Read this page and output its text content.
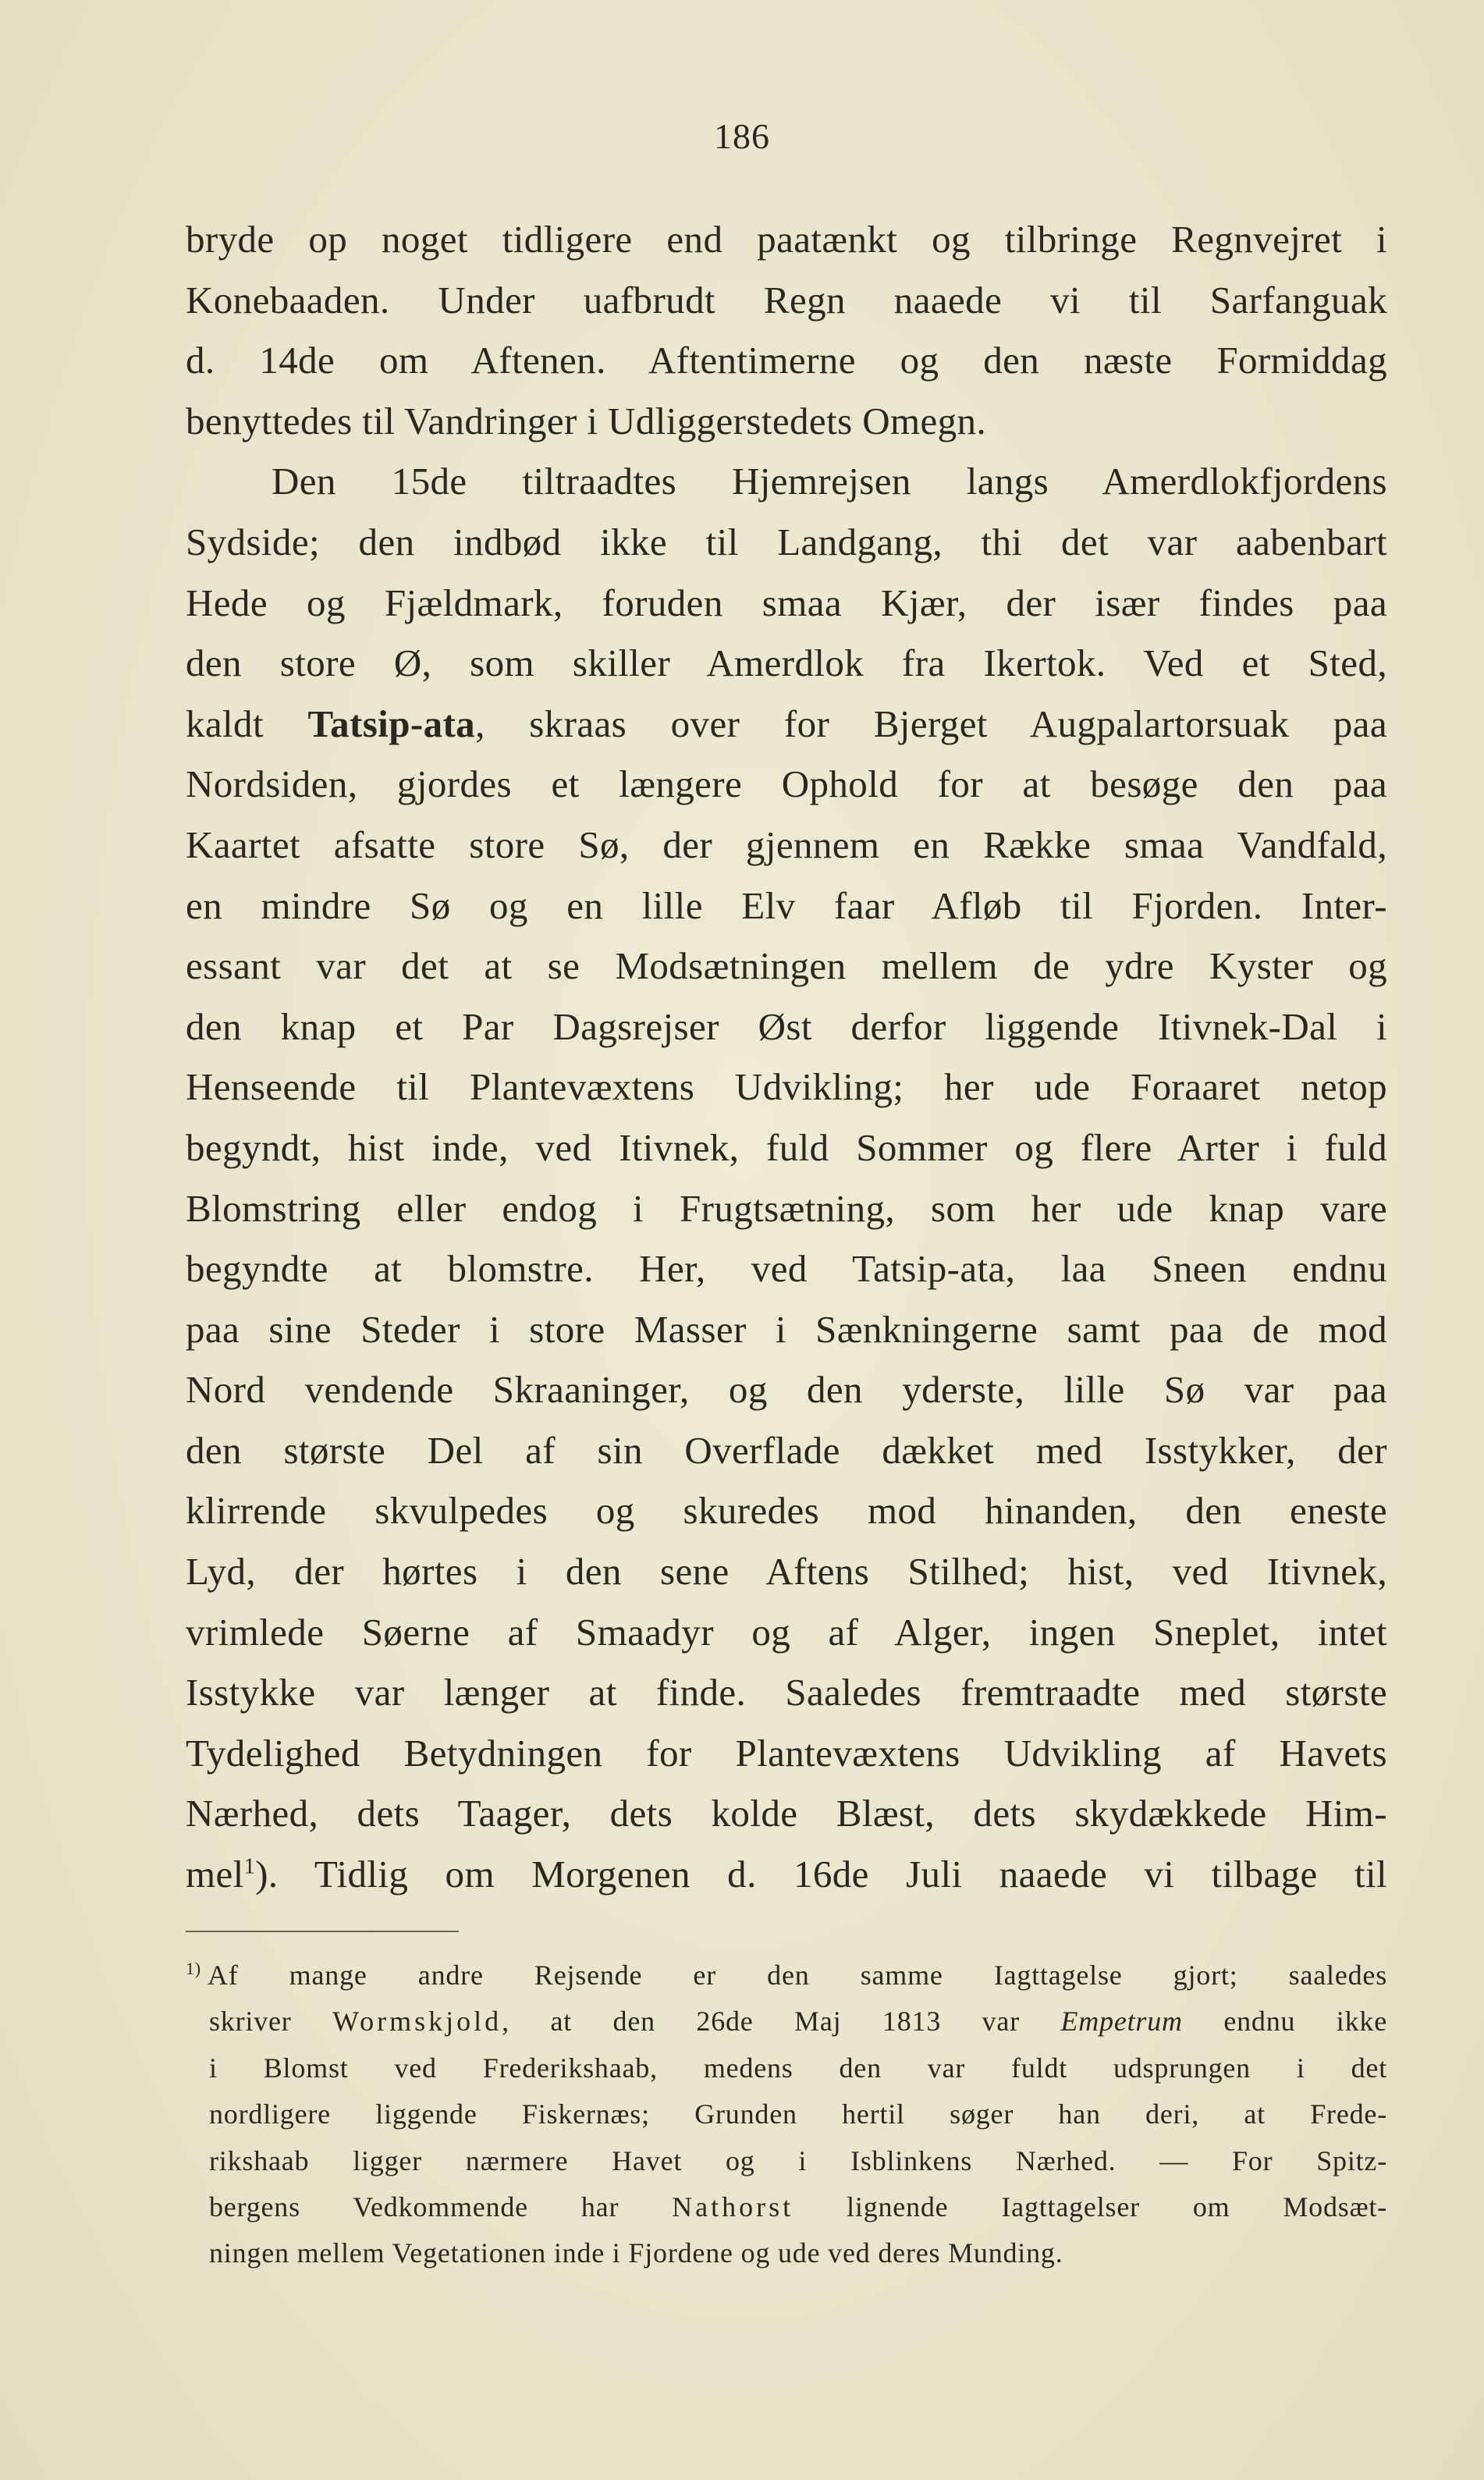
186
bryde op noget tidligere end paatænkt og tilbringe Regnvejret i
Konebaaden. Under uafbrudt Regn naaede vi til Sarfanguak
d. 14de om Aftenen. Aftentimerne og den næste Formiddag
benyttedes til Vandringer i Udliggerstedets Omegn.
Den 15de tiltraadtes Hjemrejsen langs Amerdlokfjordens
Sydside; den indbød ikke til Landgang, thi det var aabenbart
Hede og Fjældmark, foruden smaa Kjær, der især findes paa
den store Ø, som skiller Amerdlok fra Ikertok. Ved et Sted,
kaldt Tatsip-ata, skraas over for Bjerget Augpalartorsuak paa
Nordsiden, gjordes et længere Ophold for at besøge den paa
Kaartet afsatte store Sø, der gjennem en Række smaa Vandfald,
en mindre Sø og en lille Elv faar Afløb til Fjorden. Inter-
essant var det at se Modsætningen mellem de ydre Kyster og
den knap et Par Dagsrejser Øst derfor liggende Itivnek-Dal i
Henseende til Plantevæxtens Udvikling; her ude Foraaret netop
begyndt, hist inde, ved Itivnek, fuld Sommer og flere Arter i fuld
Blomstring eller endog i Frugtsætning, som her ude knap vare
begyndte at blomstre. Her, ved Tatsip-ata, laa Sneen endnu
paa sine Steder i store Masser i Sænkningerne samt paa de mod
Nord vendende Skraaninger, og den yderste, lille Sø var paa
den største Del af sin Overflade dækket med Isstykker, der
klirrende skvulpedes og skuredes mod hinanden, den eneste
Lyd, der hørtes i den sene Aftens Stilhed; hist, ved Itivnek,
vrimlede Søerne af Smaadyr og af Alger, ingen Sneplet, intet
Isstykke var længer at finde. Saaledes fremtraadte med største
Tydelighed Betydningen for Plantevæxtens Udvikling af Havets
Nærhed, dets Taager, dets kolde Blæst, dets skydækkede Him-
mel$^1$). Tidlig om Morgenen d. 16de Juli naaede vi tilbage til
$^{1)}$ Af mange andre Rejsende er den samme Iagttagelse gjort; saaledes
skriver Wormskjold, at den 26de Maj 1813 var Empetrum endnu ikke
i Blomst ved Frederikshaab, medens den var fuldt udsprungen i det
nordligere liggende Fiskernæs; Grunden hertil søger han deri, at Frede-
rikshaab ligger nærmere Havet og i Isblinkens Nærhed. — For Spitz-
bergens Vedkommende har Nathorst lignende Iagttagelser om Modsæt-
ningen mellem Vegetationen inde i Fjordene og ude ved deres Munding.
